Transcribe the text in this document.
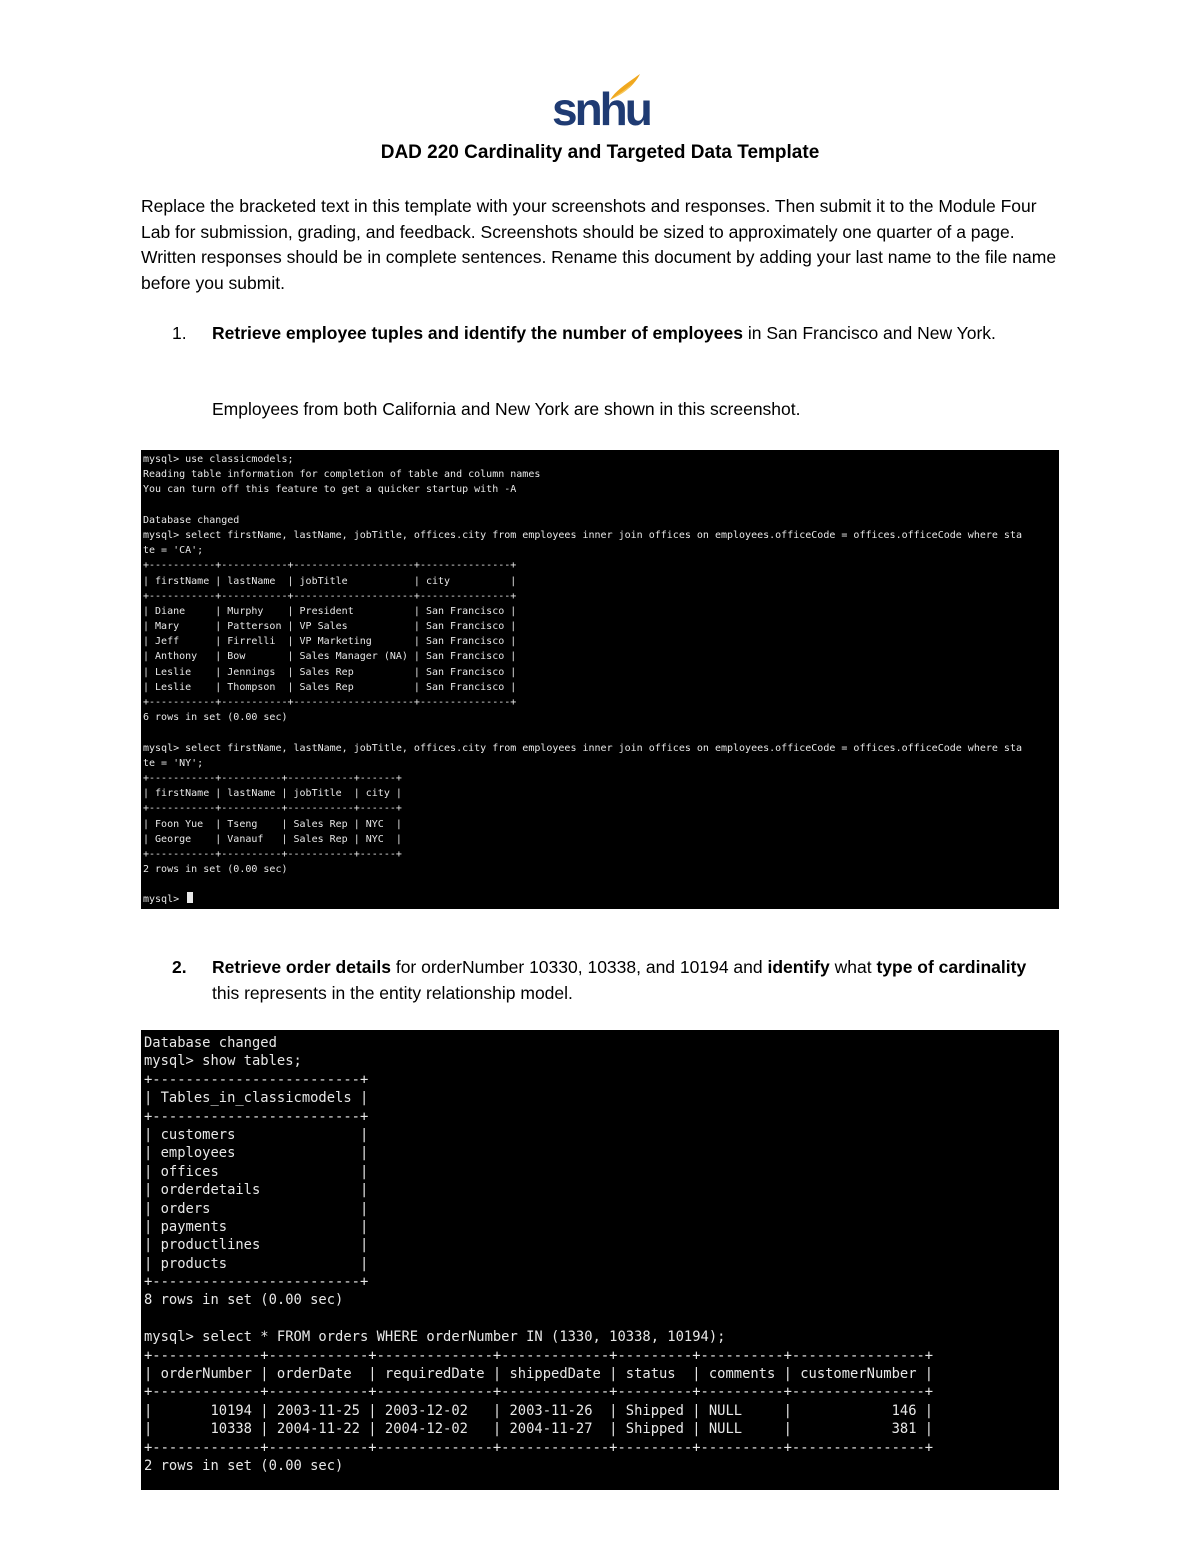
snhu
DAD 220 Cardinality and Targeted Data Template
Replace the bracketed text in this template with your screenshots and responses. Then submit it to the Module Four Lab for submission, grading, and feedback. Screenshots should be sized to approximately one quarter of a page. Written responses should be in complete sentences. Rename this document by adding your last name to the file name before you submit.
1.	Retrieve employee tuples and identify the number of employees in San Francisco and New York.
Employees from both California and New York are shown in this screenshot.
mysql> use classicmodels;
Reading table information for completion of table and column names
You can turn off this feature to get a quicker startup with -A
Database changed
mysql> select firstName, lastName, jobTitle, offices.city from employees inner join offices on employees.officeCode = offices.officeCode where sta
te = 'CA';
+-----------+-----------+--------------------+---------------+
| firstName | lastName  | jobTitle           | city          |
+-----------+-----------+--------------------+---------------+
| Diane     | Murphy    | President          | San Francisco |
| Mary      | Patterson | VP Sales           | San Francisco |
| Jeff      | Firrelli  | VP Marketing       | San Francisco |
| Anthony   | Bow       | Sales Manager (NA) | San Francisco |
| Leslie    | Jennings  | Sales Rep          | San Francisco |
| Leslie    | Thompson  | Sales Rep          | San Francisco |
+-----------+-----------+--------------------+---------------+
6 rows in set (0.00 sec)
mysql> select firstName, lastName, jobTitle, offices.city from employees inner join offices on employees.officeCode = offices.officeCode where sta
te = 'NY';
+-----------+----------+-----------+------+
| firstName | lastName | jobTitle  | city |
+-----------+----------+-----------+------+
| Foon Yue  | Tseng    | Sales Rep | NYC  |
| George    | Vanauf   | Sales Rep | NYC  |
+-----------+----------+-----------+------+
2 rows in set (0.00 sec)
mysql>
2.	Retrieve order details for orderNumber 10330, 10338, and 10194 and identify what type of cardinality this represents in the entity relationship model.
Database changed
mysql> show tables;
+-------------------------+
| Tables_in_classicmodels |
+-------------------------+
| customers               |
| employees               |
| offices                 |
| orderdetails            |
| orders                  |
| payments                |
| productlines            |
| products                |
+-------------------------+
8 rows in set (0.00 sec)
mysql> select * FROM orders WHERE orderNumber IN (1330, 10338, 10194);
+-------------+------------+--------------+-------------+---------+----------+----------------+
| orderNumber | orderDate  | requiredDate | shippedDate | status  | comments | customerNumber |
+-------------+------------+--------------+-------------+---------+----------+----------------+
|       10194 | 2003-11-25 | 2003-12-02   | 2003-11-26  | Shipped | NULL     |            146 |
|       10338 | 2004-11-22 | 2004-12-02   | 2004-11-27  | Shipped | NULL     |            381 |
+-------------+------------+--------------+-------------+---------+----------+----------------+
2 rows in set (0.00 sec)
